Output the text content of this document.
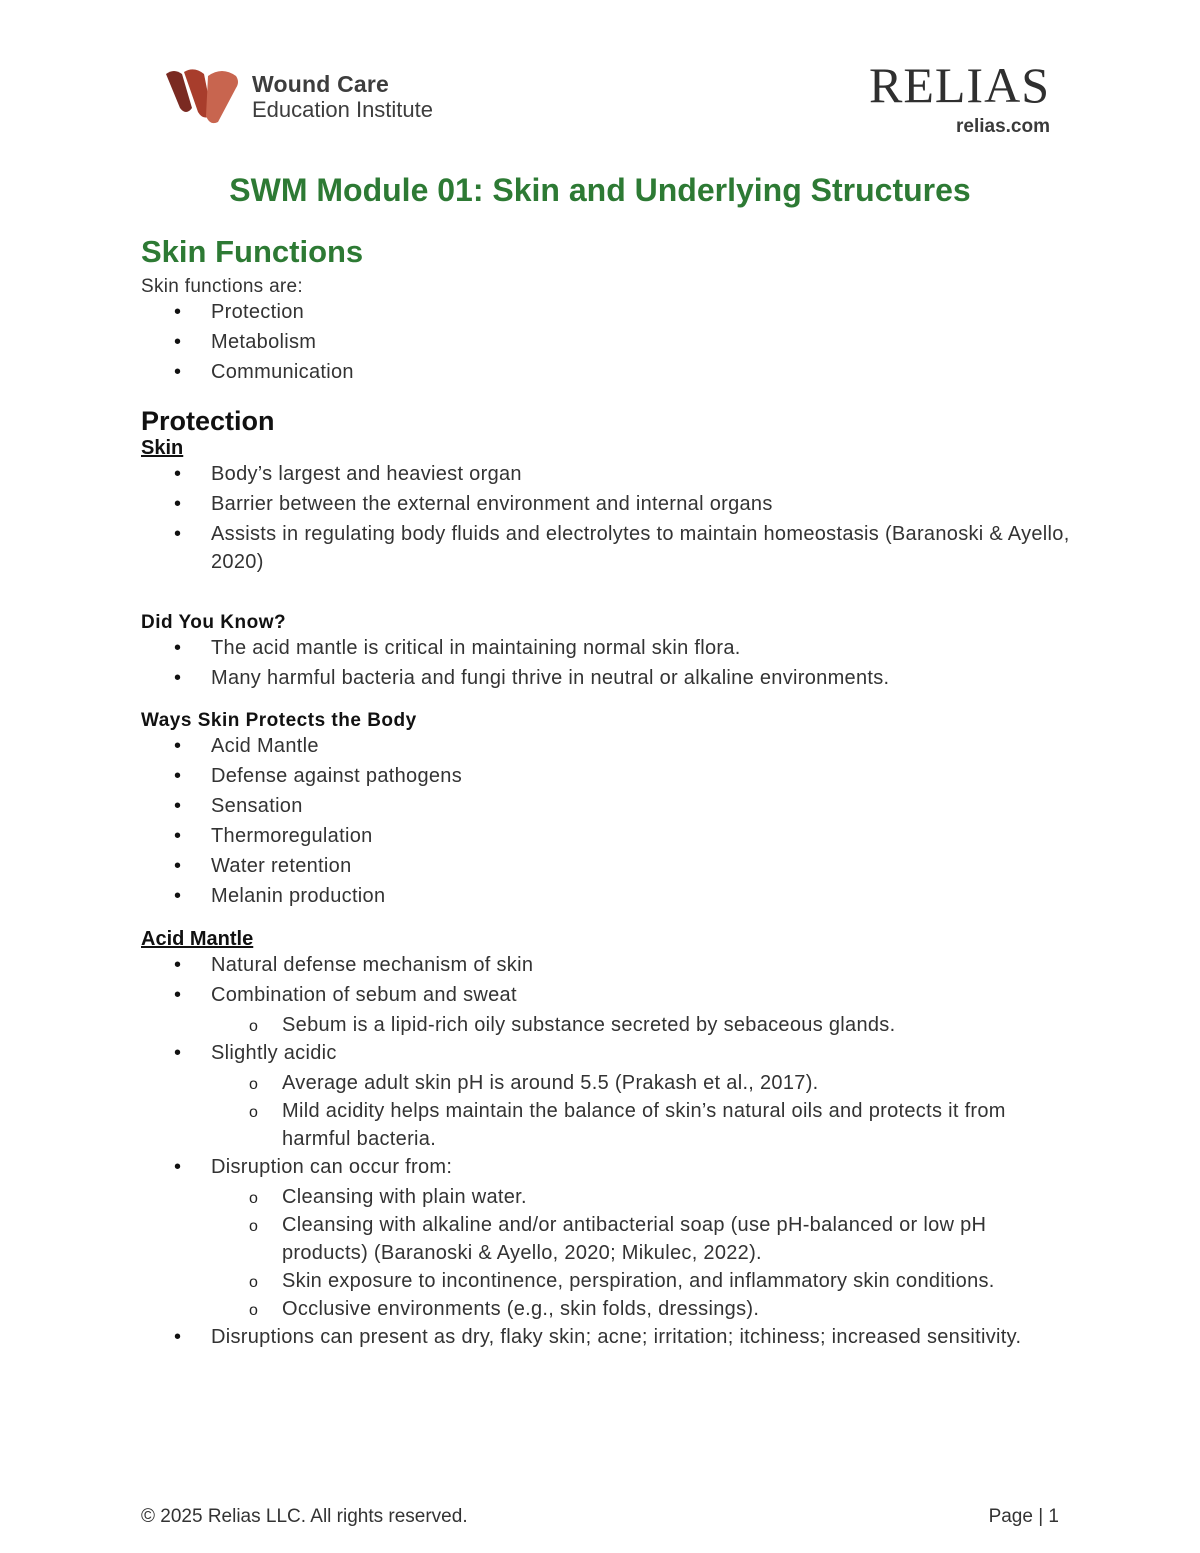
Wound Care
Education Institute	RELIAS
relias.com
SWM Module 01: Skin and Underlying Structures
Skin Functions
Skin functions are:
• Protection
• Metabolism
• Communication
Protection
Skin
• Body’s largest and heaviest organ
• Barrier between the external environment and internal organs
• Assists in regulating body fluids and electrolytes to maintain homeostasis (Baranoski & Ayello, 2020)
Did You Know?
• The acid mantle is critical in maintaining normal skin flora.
• Many harmful bacteria and fungi thrive in neutral or alkaline environments.
Ways Skin Protects the Body
• Acid Mantle
• Defense against pathogens
• Sensation
• Thermoregulation
• Water retention
• Melanin production
Acid Mantle
• Natural defense mechanism of skin
• Combination of sebum and sweat
o Sebum is a lipid-rich oily substance secreted by sebaceous glands.
• Slightly acidic
o Average adult skin pH is around 5.5 (Prakash et al., 2017).
o Mild acidity helps maintain the balance of skin’s natural oils and protects it from harmful bacteria.
• Disruption can occur from:
o Cleansing with plain water.
o Cleansing with alkaline and/or antibacterial soap (use pH-balanced or low pH products) (Baranoski & Ayello, 2020; Mikulec, 2022).
o Skin exposure to incontinence, perspiration, and inflammatory skin conditions.
o Occlusive environments (e.g., skin folds, dressings).
• Disruptions can present as dry, flaky skin; acne; irritation; itchiness; increased sensitivity.
© 2025 Relias LLC. All rights reserved.	Page | 1
